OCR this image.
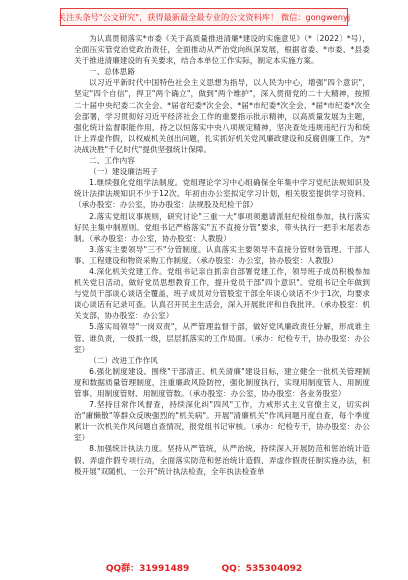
关注头条号"公文研究"，获得最新最全最专业的公文资料库！ 微信：gongwenyj

为认真贯彻落实*市委《关于高质量推进清廉*建设的实施意见》（*〔2022〕*号），全面压实管党治党政治责任，全面推动从严治党向纵深发展，根据省委、*市委、*县委关于推进清廉建设的有关要求，结合本单位工作实际，制定本实施方案。

一、总体思路

以习近平新时代中国特色社会主义思想为指导，以人民为中心，增强"四个意识"，坚定"四个自信"，捍卫"两个确立"，做到"两个维护"，深入贯彻党的二十大精神，按照二十届中央纪委二次全会、*届省纪委*次全会、*届*市纪委*次全会、*届*市纪委*次全会部署，学习贯彻好习近平经济社会工作的重要指示批示精神，以高质量发展为主题，强化统计监督职能作用，持之以恒落实中央八项规定精神，坚决查处违规违纪行为和统计上弄虚作假，以权威机关创出问题，扎实抓好机关党风廉政建设和反腐倡廉工作，为*决战决胜"千亿时代"提供坚强统计保障。

二、工作内容

（一）建设廉洁班子

1.继续强化党组学法制度。党组理论学习中心组确保全年集中学习党纪法规知识及统计法律法规知识不少于12次。年初由办公室拟定学习计划，相关股室提供学习资料。（承办股室：办公室，协办股室：法规股及纪检干部）

2.落实党组议事规则，研究讨论"三重一大"事项须邀请派驻纪检组参加，执行落实好民主集中制原则。党组书记严格落实"五不直接分管"要求，带头执行一把手末尾表态制。（承办股室：办公室，协办股室：人教股）

3.落实主要领导"三不"分管制度。认真落实主要领导不直接分管财务管理、干部人事、工程建设和物资采购工作制度。（承办股室：办公室，协办股室：人教股）

4.深化机关党建工作。党组书记亲自抓亲自部署党建工作，领导班子成员积极参加机关党日活动，做好党员思想教育工作，提升党员干部"四个意识"。党组书记全年做到与党员干部谈心谈话全覆盖，班子成员对分管股室干部全年谈心谈话不少于1次，均要求谈心谈话有记录可查。认真召开民主生活会，深入开展批评和自我批评。（承办股室：机关支部，协办股室：办公室）

5.落实局领导"一岗双责"，从严管理监督干部，做好党风廉政责任分解，形成谁主管、谁负责，一级抓一级，层层抓落实的工作局面。（承办：纪检专干，协办股室：办公室）

（二）改进工作作风

6.强化制度建设。围绕"干部清正、机关清廉"建设目标，建立健全一批机关管理制度和数据质量管理制度，注重廉政风险防控，强化制度执行，实现用制度管人、用制度管事、用制度管财、用制度管数。（承办股室：办公室，协办股室：各业务股室）

7.坚持目常作风督查，持续深化纠"四风"工作，力戒形式主义官僚主义，切实纠治"庸懒散"等群众反映强烈的"机关病"。开展"清廉机关"作风问题月度自查，每个季度累计一次机关作风问题自查情况，报党组书记审核。（承办：纪检专干，协办股室：办公室）

8.加强统计执法力度。坚持从严管统，从严治统，持续深入开展防范和惩治统计造假、弄虚作假专项行动，全面落实防范和惩治统计造假、弄虚作假责任制实施办法，积极开展"双随机、一公开"统计执法检查，全年执法检查单

QQ群：31991489	QQ：535304092
